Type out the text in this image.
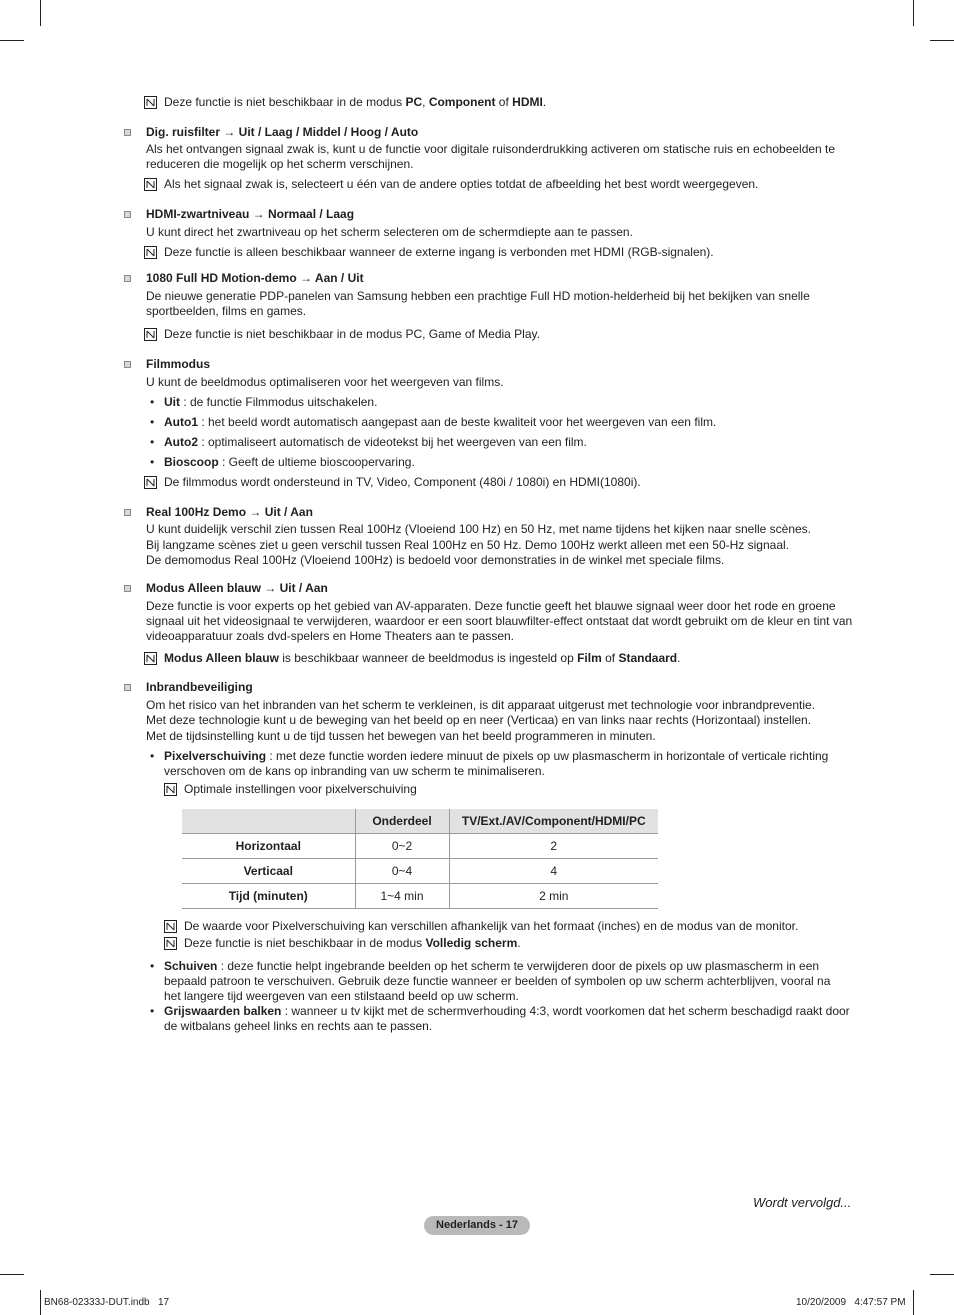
Deze functie is niet beschikbaar in de modus PC, Component of HDMI.
Dig. ruisfilter → Uit / Laag / Middel / Hoog / Auto
Als het ontvangen signaal zwak is, kunt u de functie voor digitale ruisonderdrukking activeren om statische ruis en echobeelden te reduceren die mogelijk op het scherm verschijnen.
Als het signaal zwak is, selecteert u één van de andere opties totdat de afbeelding het best wordt weergegeven.
HDMI-zwartniveau → Normaal / Laag
U kunt direct het zwartniveau op het scherm selecteren om de schermdiepte aan te passen.
Deze functie is alleen beschikbaar wanneer de externe ingang is verbonden met HDMI (RGB-signalen).
1080 Full HD Motion-demo → Aan / Uit
De nieuwe generatie PDP-panelen van Samsung hebben een prachtige Full HD motion-helderheid bij het bekijken van snelle sportbeelden, films en games.
Deze functie is niet beschikbaar in de modus PC, Game of Media Play.
Filmmodus
U kunt de beeldmodus optimaliseren voor het weergeven van films.
• Uit : de functie Filmmodus uitschakelen.
• Auto1 : het beeld wordt automatisch aangepast aan de beste kwaliteit voor het weergeven van een film.
• Auto2 : optimaliseert automatisch de videotekst bij het weergeven van een film.
• Bioscoop : Geeft de ultieme bioscoopervaring.
De filmmodus wordt ondersteund in TV, Video, Component (480i / 1080i) en HDMI(1080i).
Real 100Hz Demo → Uit / Aan
U kunt duidelijk verschil zien tussen Real 100Hz (Vloeiend 100 Hz) en 50 Hz, met name tijdens het kijken naar snelle scènes.
Bij langzame scènes ziet u geen verschil tussen Real 100Hz en 50 Hz. Demo 100Hz werkt alleen met een 50-Hz signaal.
De demomodus Real 100Hz (Vloeiend 100Hz) is bedoeld voor demonstraties in de winkel met speciale films.
Modus Alleen blauw → Uit / Aan
Deze functie is voor experts op het gebied van AV-apparaten. Deze functie geeft het blauwe signaal weer door het rode en groene signaal uit het videosignaal te verwijderen, waardoor er een soort blauwfilter-effect ontstaat dat wordt gebruikt om de kleur en tint van videoapparatuur zoals dvd-spelers en Home Theaters aan te passen.
Modus Alleen blauw is beschikbaar wanneer de beeldmodus is ingesteld op Film of Standaard.
Inbrandbeveiliging
Om het risico van het inbranden van het scherm te verkleinen, is dit apparaat uitgerust met technologie voor inbrandpreventie.
Met deze technologie kunt u de beweging van het beeld op en neer (Verticaa) en van links naar rechts (Horizontaal) instellen.
Met de tijdsinstelling kunt u de tijd tussen het bewegen van het beeld programmeren in minuten.
• Pixelverschuiving : met deze functie worden iedere minuut de pixels op uw plasmascherm in horizontale of verticale richting verschoven om de kans op inbranding van uw scherm te minimaliseren.
Optimale instellingen voor pixelverschuiving
	Onderdeel	TV/Ext./AV/Component/HDMI/PC
Horizontaal	0~2	2
Verticaal	0~4	4
Tijd (minuten)	1~4 min	2 min
De waarde voor Pixelverschuiving kan verschillen afhankelijk van het formaat (inches) en de modus van de monitor.
Deze functie is niet beschikbaar in de modus Volledig scherm.
• Schuiven : deze functie helpt ingebrande beelden op het scherm te verwijderen door de pixels op uw plasmascherm in een bepaald patroon te verschuiven. Gebruik deze functie wanneer er beelden of symbolen op uw scherm achterblijven, vooral na het langere tijd weergeven van een stilstaand beeld op uw scherm.
• Grijswaarden balken : wanneer u tv kijkt met de schermverhouding 4:3, wordt voorkomen dat het scherm beschadigd raakt door de witbalans geheel links en rechts aan te passen.
Wordt vervolgd...
Nederlands - 17
BN68-02333J-DUT.indb 17	10/20/2009 4:47:57 PM
